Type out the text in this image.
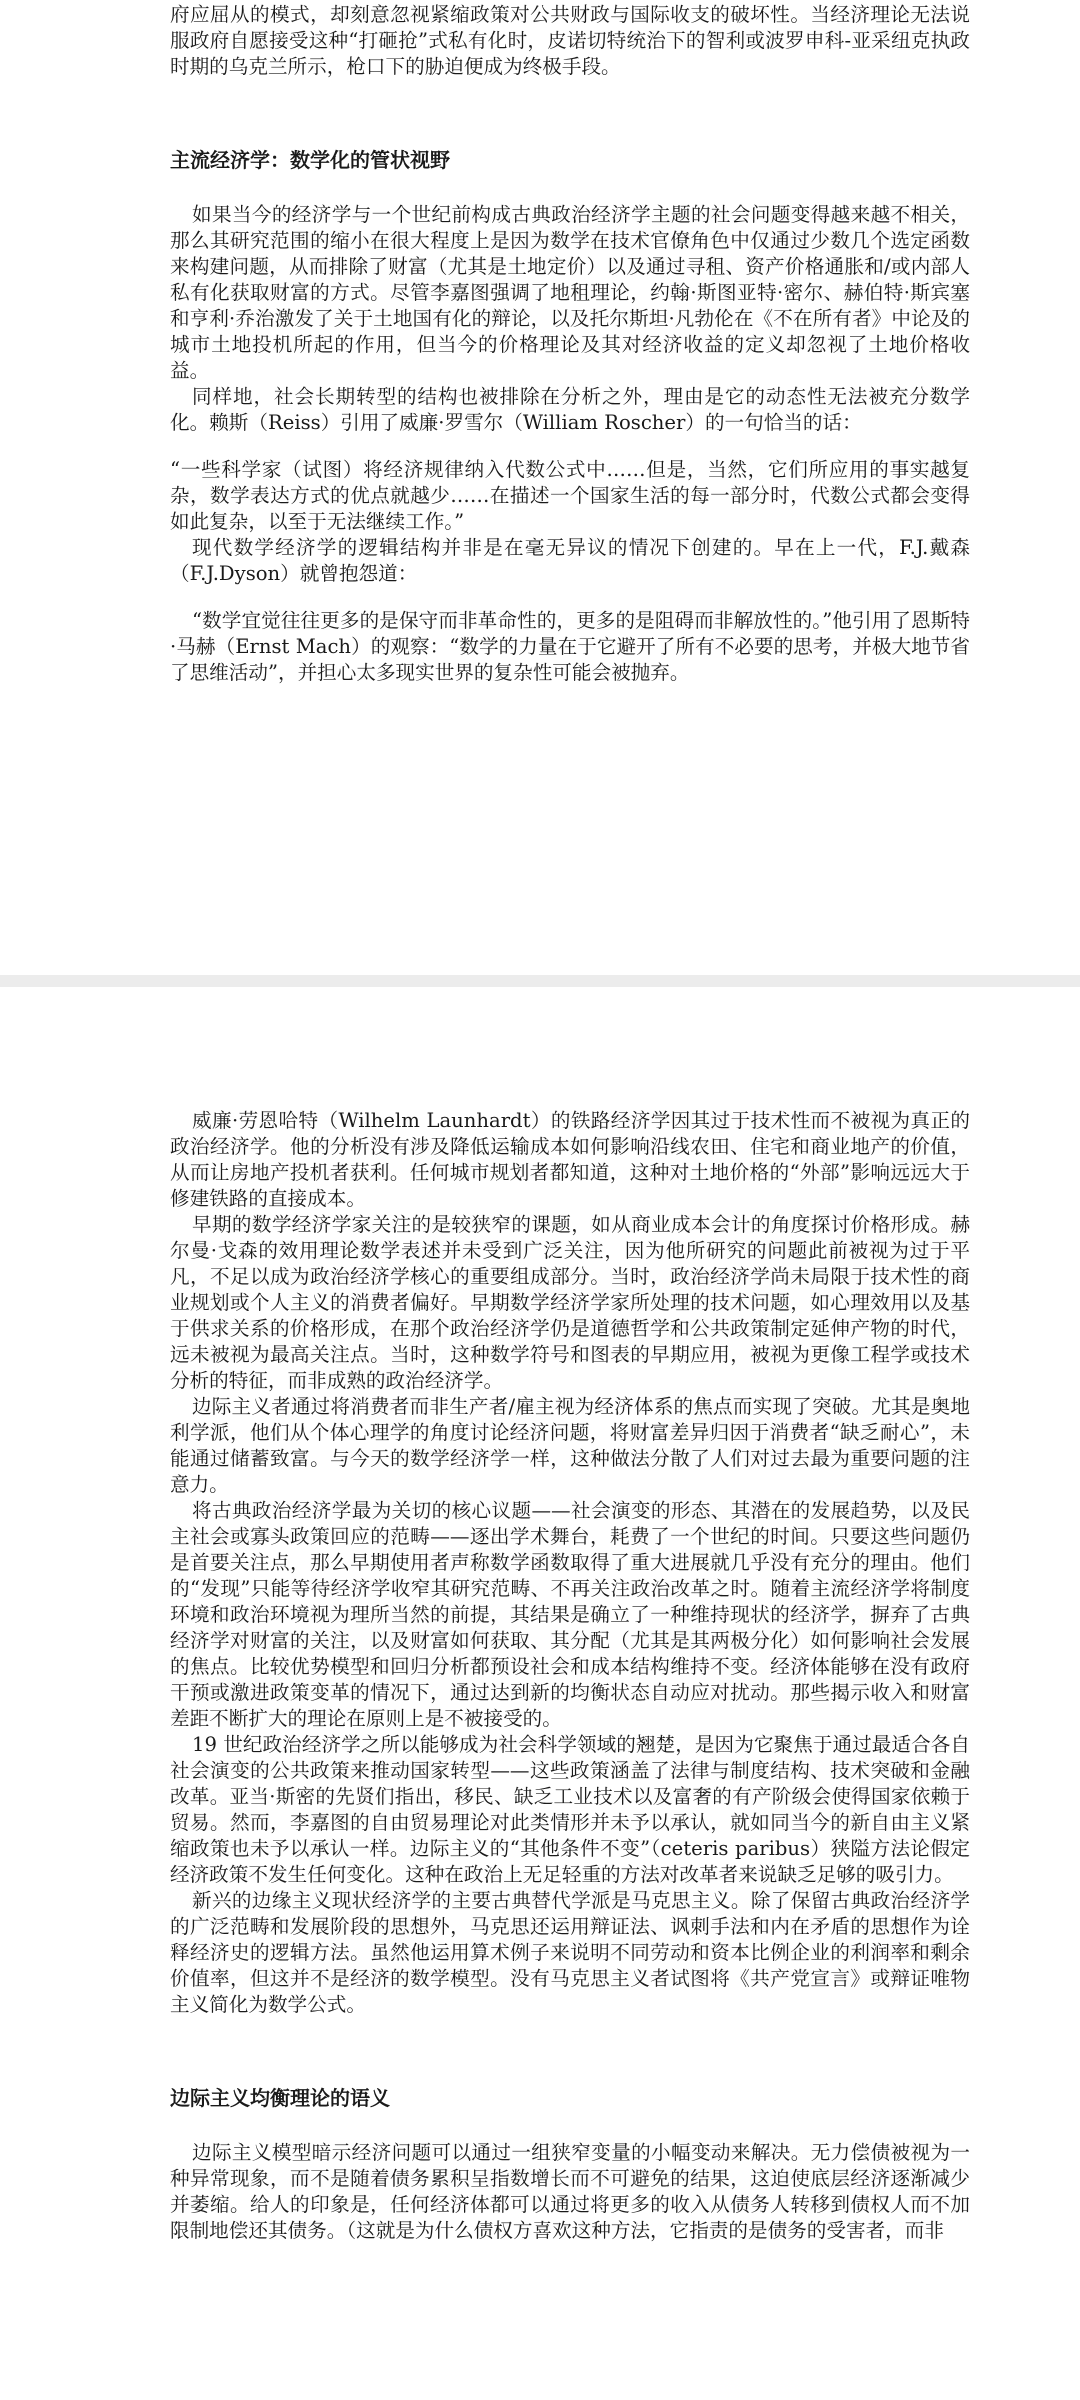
府应屈从的模式，却刻意忽视紧缩政策对公共财政与国际收支的破坏性。当经济理论无法说服政府自愿接受这种“打砸抢”式私有化时，皮诺切特统治下的智利或波罗申科-亚采纽克执政时期的乌克兰所示，枪口下的胁迫便成为终极手段。

主流经济学：数学化的管状视野

如果当今的经济学与一个世纪前构成古典政治经济学主题的社会问题变得越来越不相关，那么其研究范围的缩小在很大程度上是因为数学在技术官僚角色中仅通过少数几个选定函数来构建问题，从而排除了财富（尤其是土地定价）以及通过寻租、资产价格通胀和/或内部人私有化获取财富的方式。尽管李嘉图强调了地租理论，约翰·斯图亚特·密尔、赫伯特·斯宾塞和亨利·乔治激发了关于土地国有化的辩论，以及托尔斯坦·凡勃伦在《不在所有者》中论及的城市土地投机所起的作用，但当今的价格理论及其对经济收益的定义却忽视了土地价格收益。

同样地，社会长期转型的结构也被排除在分析之外，理由是它的动态性无法被充分数学化。赖斯（Reiss）引用了威廉·罗雪尔（William Roscher）的一句恰当的话：

“一些科学家（试图）将经济规律纳入代数公式中……但是，当然，它们所应用的事实越复杂，数学表达方式的优点就越少……在描述一个国家生活的每一部分时，代数公式都会变得如此复杂，以至于无法继续工作。”

现代数学经济学的逻辑结构并非是在毫无异议的情况下创建的。早在上一代，F.J.戴森（F.J.Dyson）就曾抱怨道：

“数学宜觉往往更多的是保守而非革命性的，更多的是阻碍而非解放性的。”他引用了恩斯特·马赫（Ernst Mach）的观察：“数学的力量在于它避开了所有不必要的思考，并极大地节省了思维活动”，并担心太多现实世界的复杂性可能会被抛弃。

威廉·劳恩哈特（Wilhelm Launhardt）的铁路经济学因其过于技术性而不被视为真正的政治经济学。他的分析没有涉及降低运输成本如何影响沿线农田、住宅和商业地产的价值，从而让房地产投机者获利。任何城市规划者都知道，这种对土地价格的“外部”影响远远大于修建铁路的直接成本。

早期的数学经济学家关注的是较狭窄的课题，如从商业成本会计的角度探讨价格形成。赫尔曼·戈森的效用理论数学表述并未受到广泛关注，因为他所研究的问题此前被视为过于平凡，不足以成为政治经济学核心的重要组成部分。当时，政治经济学尚未局限于技术性的商业规划或个人主义的消费者偏好。早期数学经济学家所处理的技术问题，如心理效用以及基于供求关系的价格形成，在那个政治经济学仍是道德哲学和公共政策制定延伸产物的时代，远未被视为最高关注点。当时，这种数学符号和图表的早期应用，被视为更像工程学或技术分析的特征，而非成熟的政治经济学。

边际主义者通过将消费者而非生产者/雇主视为经济体系的焦点而实现了突破。尤其是奥地利学派，他们从个体心理学的角度讨论经济问题，将财富差异归因于消费者“缺乏耐心”，未能通过储蓄致富。与今天的数学经济学一样，这种做法分散了人们对过去最为重要问题的注意力。

将古典政治经济学最为关切的核心议题——社会演变的形态、其潜在的发展趋势，以及民主社会或寡头政策回应的范畴——逐出学术舞台，耗费了一个世纪的时间。只要这些问题仍是首要关注点，那么早期使用者声称数学函数取得了重大进展就几乎没有充分的理由。他们的“发现”只能等待经济学收窄其研究范畴、不再关注政治改革之时。随着主流经济学将制度环境和政治环境视为理所当然的前提，其结果是确立了一种维持现状的经济学，摒弃了古典经济学对财富的关注，以及财富如何获取、其分配（尤其是其两极分化）如何影响社会发展的焦点。比较优势模型和回归分析都预设社会和成本结构维持不变。经济体能够在没有政府干预或激进政策变革的情况下，通过达到新的均衡状态自动应对扰动。那些揭示收入和财富差距不断扩大的理论在原则上是不被接受的。

19 世纪政治经济学之所以能够成为社会科学领域的翘楚，是因为它聚焦于通过最适合各自社会演变的公共政策来推动国家转型——这些政策涵盖了法律与制度结构、技术突破和金融改革。亚当·斯密的先贤们指出，移民、缺乏工业技术以及富奢的有产阶级会使得国家依赖于贸易。然而，李嘉图的自由贸易理论对此类情形并未予以承认，就如同当今的新自由主义紧缩政策也未予以承认一样。边际主义的“其他条件不变”（ceteris paribus）狭隘方法论假定经济政策不发生任何变化。这种在政治上无足轻重的方法对改革者来说缺乏足够的吸引力。

新兴的边缘主义现状经济学的主要古典替代学派是马克思主义。除了保留古典政治经济学的广泛范畴和发展阶段的思想外，马克思还运用辩证法、讽刺手法和内在矛盾的思想作为诠释经济史的逻辑方法。虽然他运用算术例子来说明不同劳动和资本比例企业的利润率和剩余价值率，但这并不是经济的数学模型。没有马克思主义者试图将《共产党宣言》或辩证唯物主义简化为数学公式。

边际主义均衡理论的语义

边际主义模型暗示经济问题可以通过一组狭窄变量的小幅变动来解决。无力偿债被视为一种异常现象，而不是随着债务累积呈指数增长而不可避免的结果，这迫使底层经济逐渐减少并萎缩。给人的印象是，任何经济体都可以通过将更多的收入从债务人转移到债权人而不加限制地偿还其债务。（这就是为什么债权方喜欢这种方法，它指责的是债务的受害者，而非
